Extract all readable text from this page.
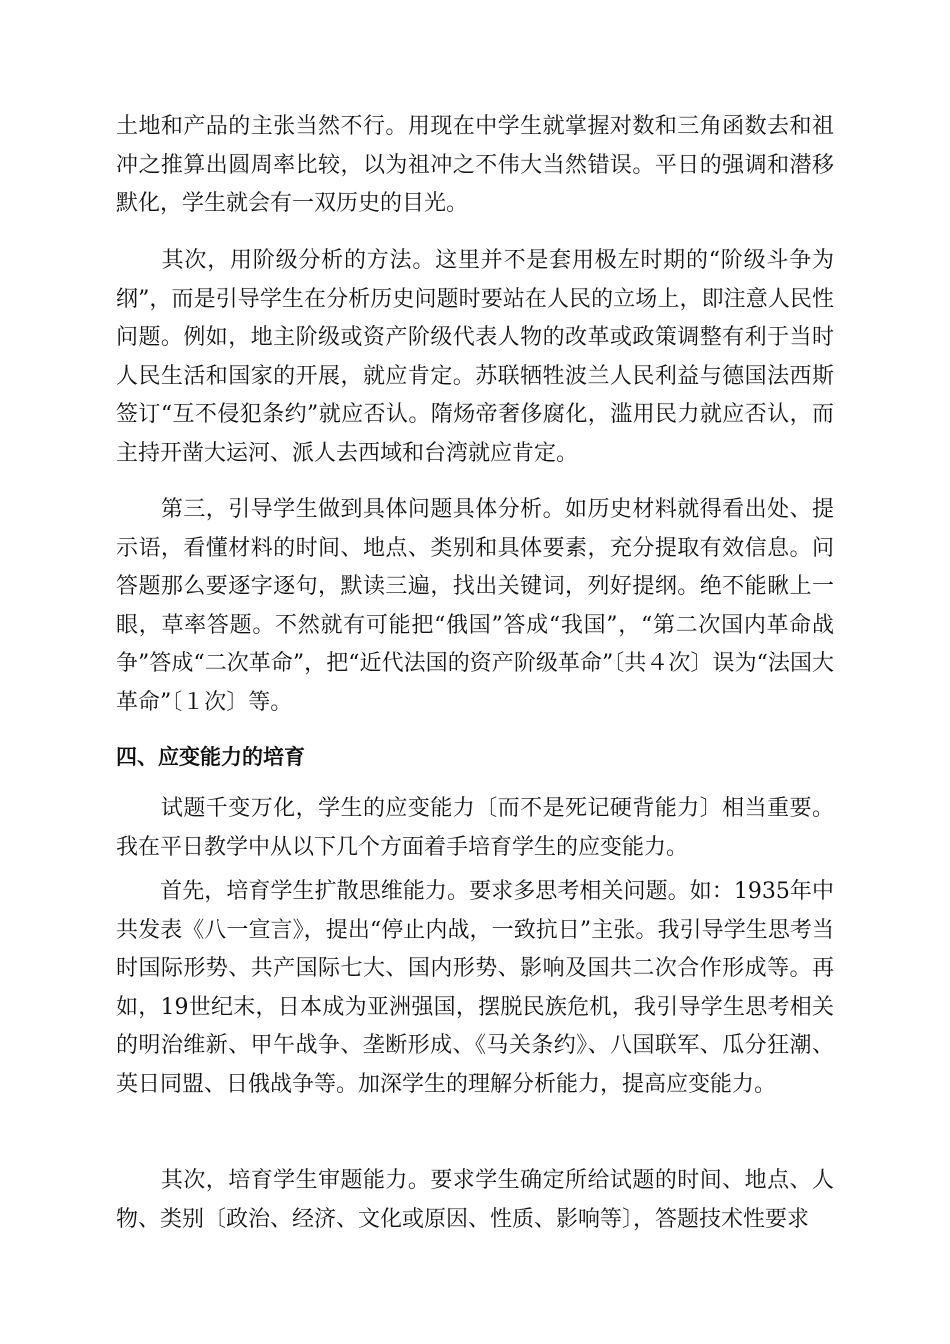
土地和产品的主张当然不行。用现在中学生就掌握对数和三角函数去和祖冲之推算出圆周率比较，以为祖冲之不伟大当然错误。平日的强调和潜移默化，学生就会有一双历史的目光。

　　其次，用阶级分析的方法。这里并不是套用极左时期的“阶级斗争为纲”，而是引导学生在分析历史问题时要站在人民的立场上，即注意人民性问题。例如，地主阶级或资产阶级代表人物的改革或政策调整有利于当时人民生活和国家的开展，就应肯定。苏联牺牲波兰人民利益与德国法西斯签订“互不侵犯条约”就应否认。隋炀帝奢侈腐化，滥用民力就应否认，而主持开凿大运河、派人去西域和台湾就应肯定。

　　第三，引导学生做到具体问题具体分析。如历史材料就得看出处、提示语，看懂材料的时间、地点、类别和具体要素，充分提取有效信息。问答题那么要逐字逐句，默读三遍，找出关键词，列好提纲。绝不能瞅上一眼，草率答题。不然就有可能把“俄国”答成“我国”，“第二次国内革命战争”答成“二次革命”，把“近代法国的资产阶级革命”〔共４次〕误为“法国大革命”〔１次〕等。

四、应变能力的培育

　　试题千变万化，学生的应变能力〔而不是死记硬背能力〕相当重要。我在平日教学中从以下几个方面着手培育学生的应变能力。

　　首先，培育学生扩散思维能力。要求多思考相关问题。如：1935年中共发表《八一宣言》，提出“停止内战，一致抗日”主张。我引导学生思考当时国际形势、共产国际七大、国内形势、影响及国共二次合作形成等。再如，19世纪末，日本成为亚洲强国，摆脱民族危机，我引导学生思考相关的明治维新、甲午战争、垄断形成、《马关条约》、八国联军、瓜分狂潮、英日同盟、日俄战争等。加深学生的理解分析能力，提高应变能力。

　　其次，培育学生审题能力。要求学生确定所给试题的时间、地点、人物、类别〔政治、经济、文化或原因、性质、影响等〕，答题技术性要求
